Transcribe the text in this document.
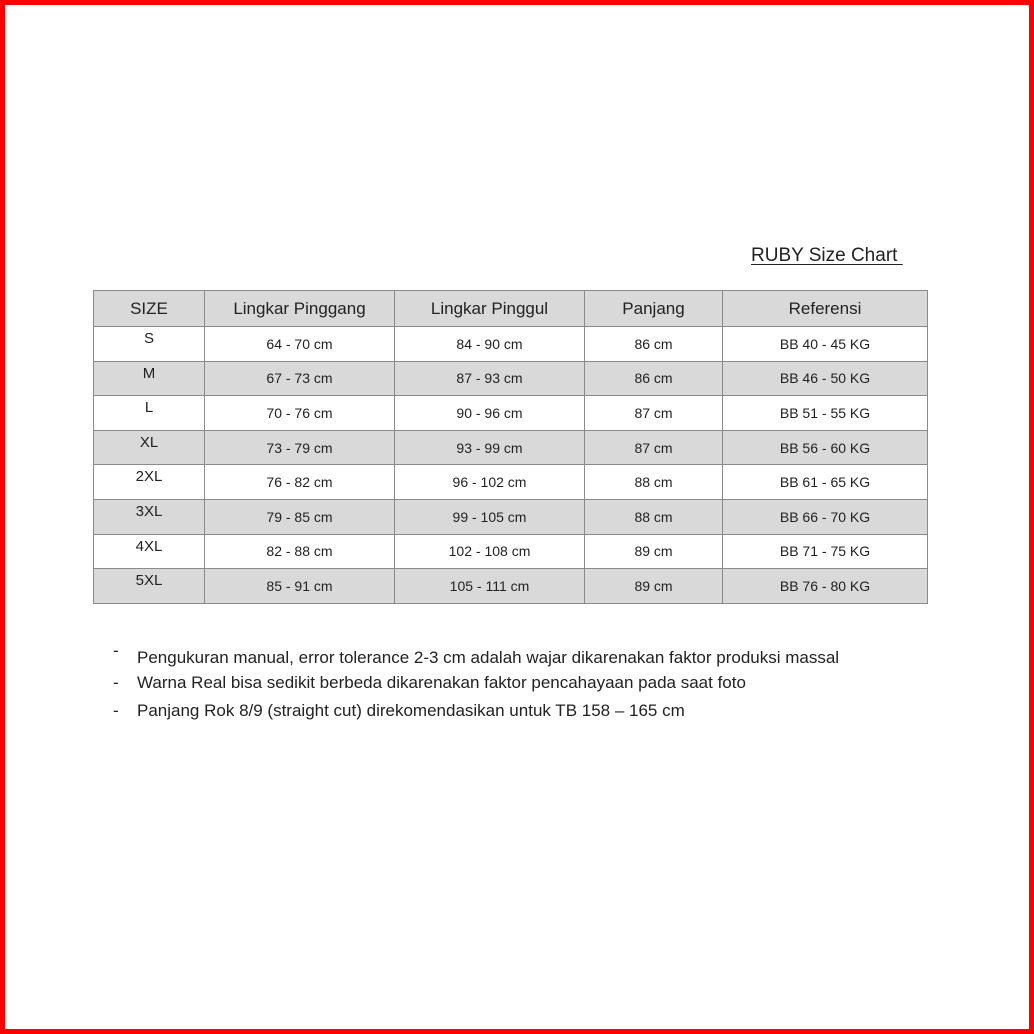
RUBY Size Chart
SIZE	Lingkar Pinggang	Lingkar Pinggul	Panjang	Referensi
S	64 - 70 cm	84 - 90 cm	86 cm	BB 40 - 45 KG
M	67 - 73 cm	87 - 93 cm	86 cm	BB 46 - 50 KG
L	70 - 76 cm	90 - 96 cm	87 cm	BB 51 - 55 KG
XL	73 - 79 cm	93 - 99 cm	87 cm	BB 56 - 60 KG
2XL	76 - 82 cm	96 - 102 cm	88 cm	BB 61 - 65 KG
3XL	79 - 85 cm	99 - 105 cm	88 cm	BB 66 - 70 KG
4XL	82 - 88 cm	102 - 108 cm	89 cm	BB 71 - 75 KG
5XL	85 - 91 cm	105 - 111 cm	89 cm	BB 76 - 80 KG
- Pengukuran manual, error tolerance 2-3 cm adalah wajar dikarenakan faktor produksi massal
- Warna Real bisa sedikit berbeda dikarenakan faktor pencahayaan pada saat foto
- Panjang Rok 8/9 (straight cut) direkomendasikan untuk TB 158 – 165 cm
